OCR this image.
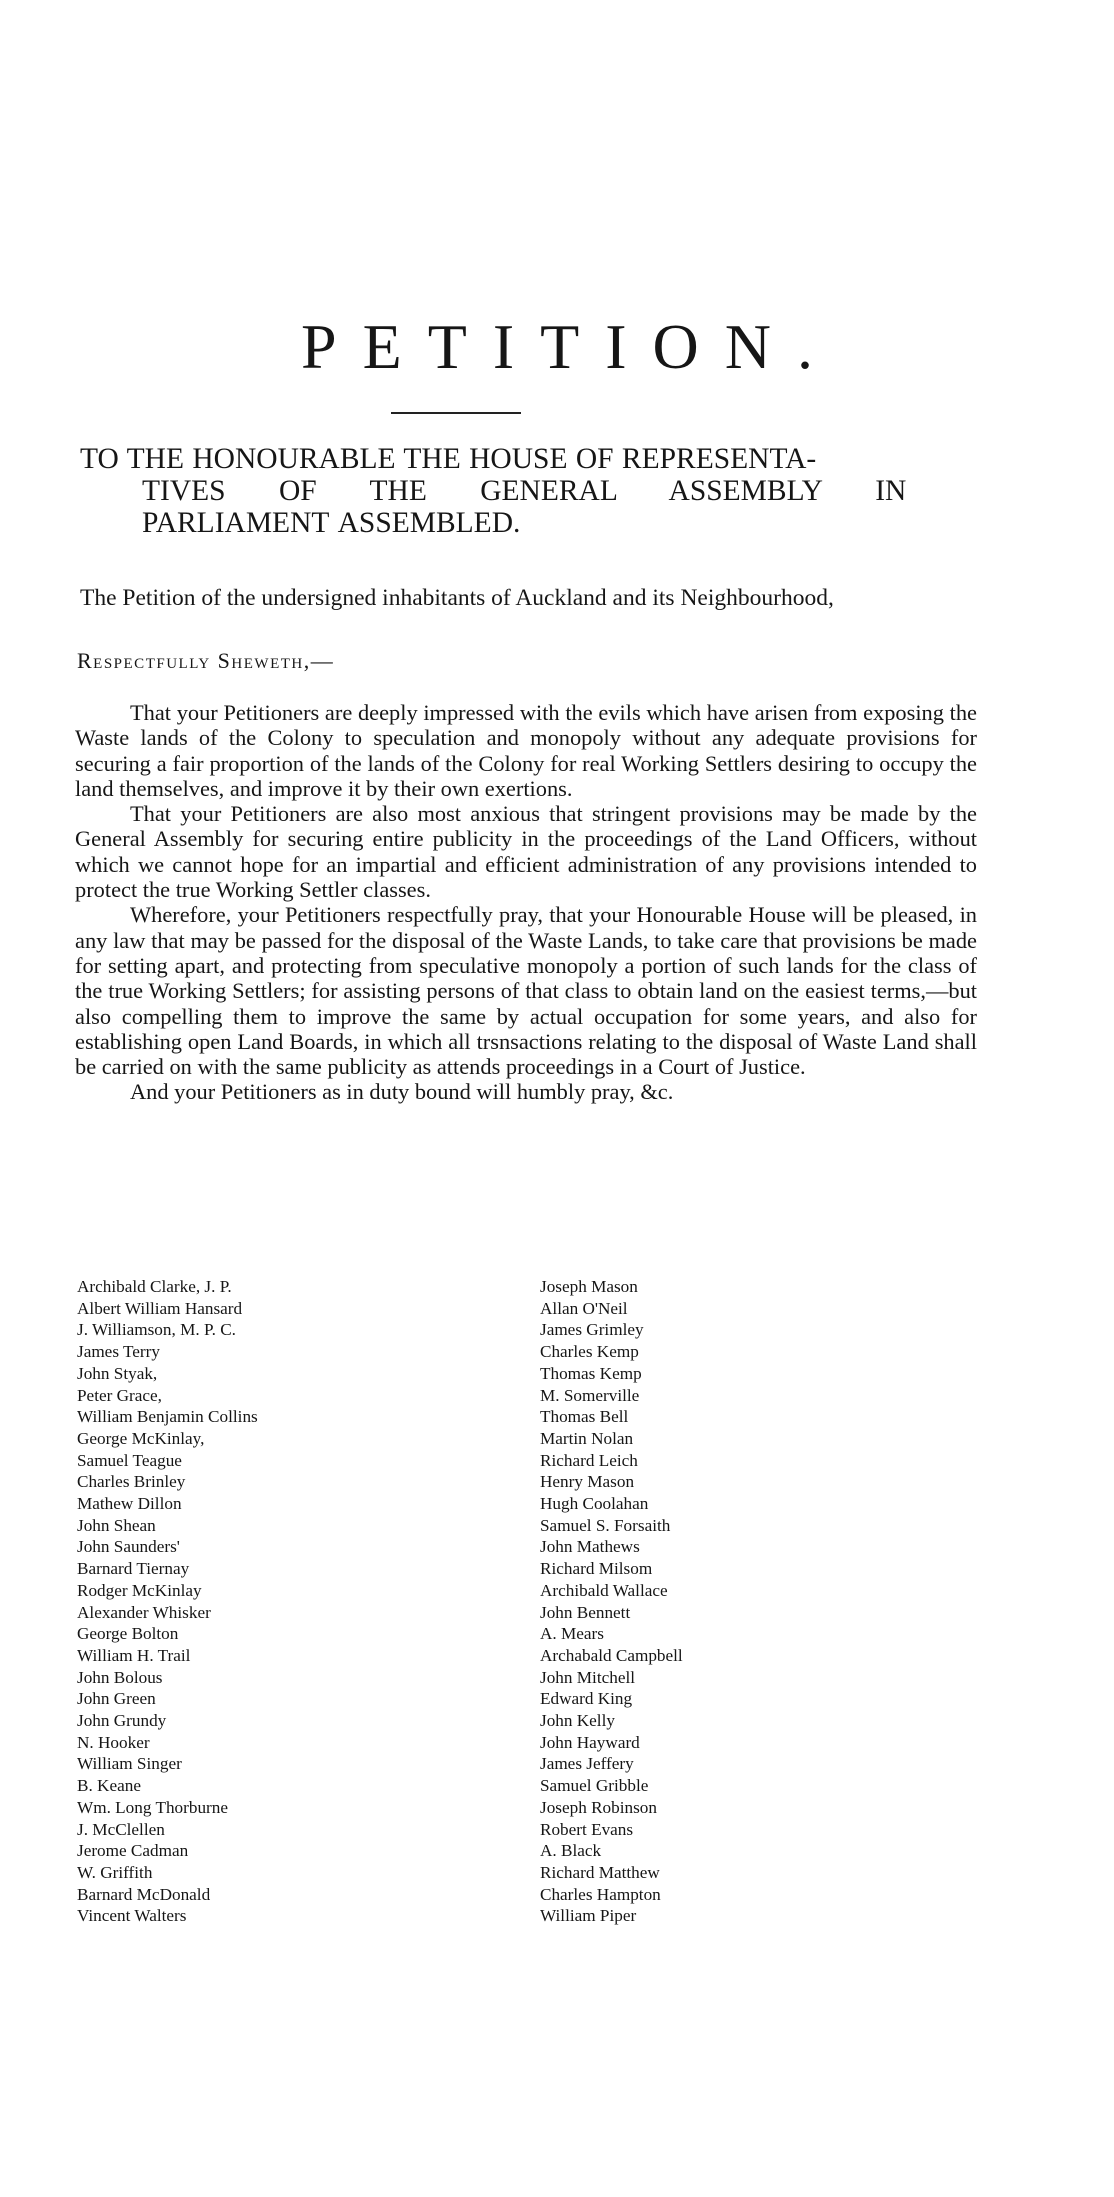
PETITION.
TO THE HONOURABLE THE HOUSE OF REPRESENTA-
TIVES OF THE GENERAL ASSEMBLY IN
PARLIAMENT ASSEMBLED.

The Petition of the undersigned inhabitants of Auckland and its Neighbourhood,

Respectfully Sheweth,—

That your Petitioners are deeply impressed with the evils which have arisen from exposing the Waste lands of the Colony to speculation and monopoly without any adequate provisions for securing a fair proportion of the lands of the Colony for real Working Settlers desiring to occupy the land themselves, and improve it by their own exertions.

That your Petitioners are also most anxious that stringent provisions may be made by the General Assembly for securing entire publicity in the proceedings of the Land Officers, without which we cannot hope for an impartial and efficient administration of any provisions intended to protect the true Working Settler classes.

Wherefore, your Petitioners respectfully pray, that your Honourable House will be pleased, in any law that may be passed for the disposal of the Waste Lands, to take care that provisions be made for setting apart, and protecting from speculative monopoly a portion of such lands for the class of the true Working Settlers; for assisting persons of that class to obtain land on the easiest terms,—but also compelling them to improve the same by actual occupation for some years, and also for establishing open Land Boards, in which all trsnsactions relating to the disposal of Waste Land shall be carried on with the same publicity as attends proceedings in a Court of Justice.

And your Petitioners as in duty bound will humbly pray, &c.

Archibald Clarke, J. P.
Albert William Hansard
J. Williamson, M. P. C.
James Terry
John Styak,
Peter Grace,
William Benjamin Collins
George McKinlay,
Samuel Teague
Charles Brinley
Mathew Dillon
John Shean
John Saunders'
Barnard Tiernay
Rodger McKinlay
Alexander Whisker
George Bolton
William H. Trail
John Bolous
John Green
John Grundy
N. Hooker
William Singer
B. Keane
Wm. Long Thorburne
J. McClellen
Jerome Cadman
W. Griffith
Barnard McDonald
Vincent Walters
Joseph Mason
Allan O'Neil
James Grimley
Charles Kemp
Thomas Kemp
M. Somerville
Thomas Bell
Martin Nolan
Richard Leich
Henry Mason
Hugh Coolahan
Samuel S. Forsaith
John Mathews
Richard Milsom
Archibald Wallace
John Bennett
A. Mears
Archabald Campbell
John Mitchell
Edward King
John Kelly
John Hayward
James Jeffery
Samuel Gribble
Joseph Robinson
Robert Evans
A. Black
Richard Matthew
Charles Hampton
William Piper
